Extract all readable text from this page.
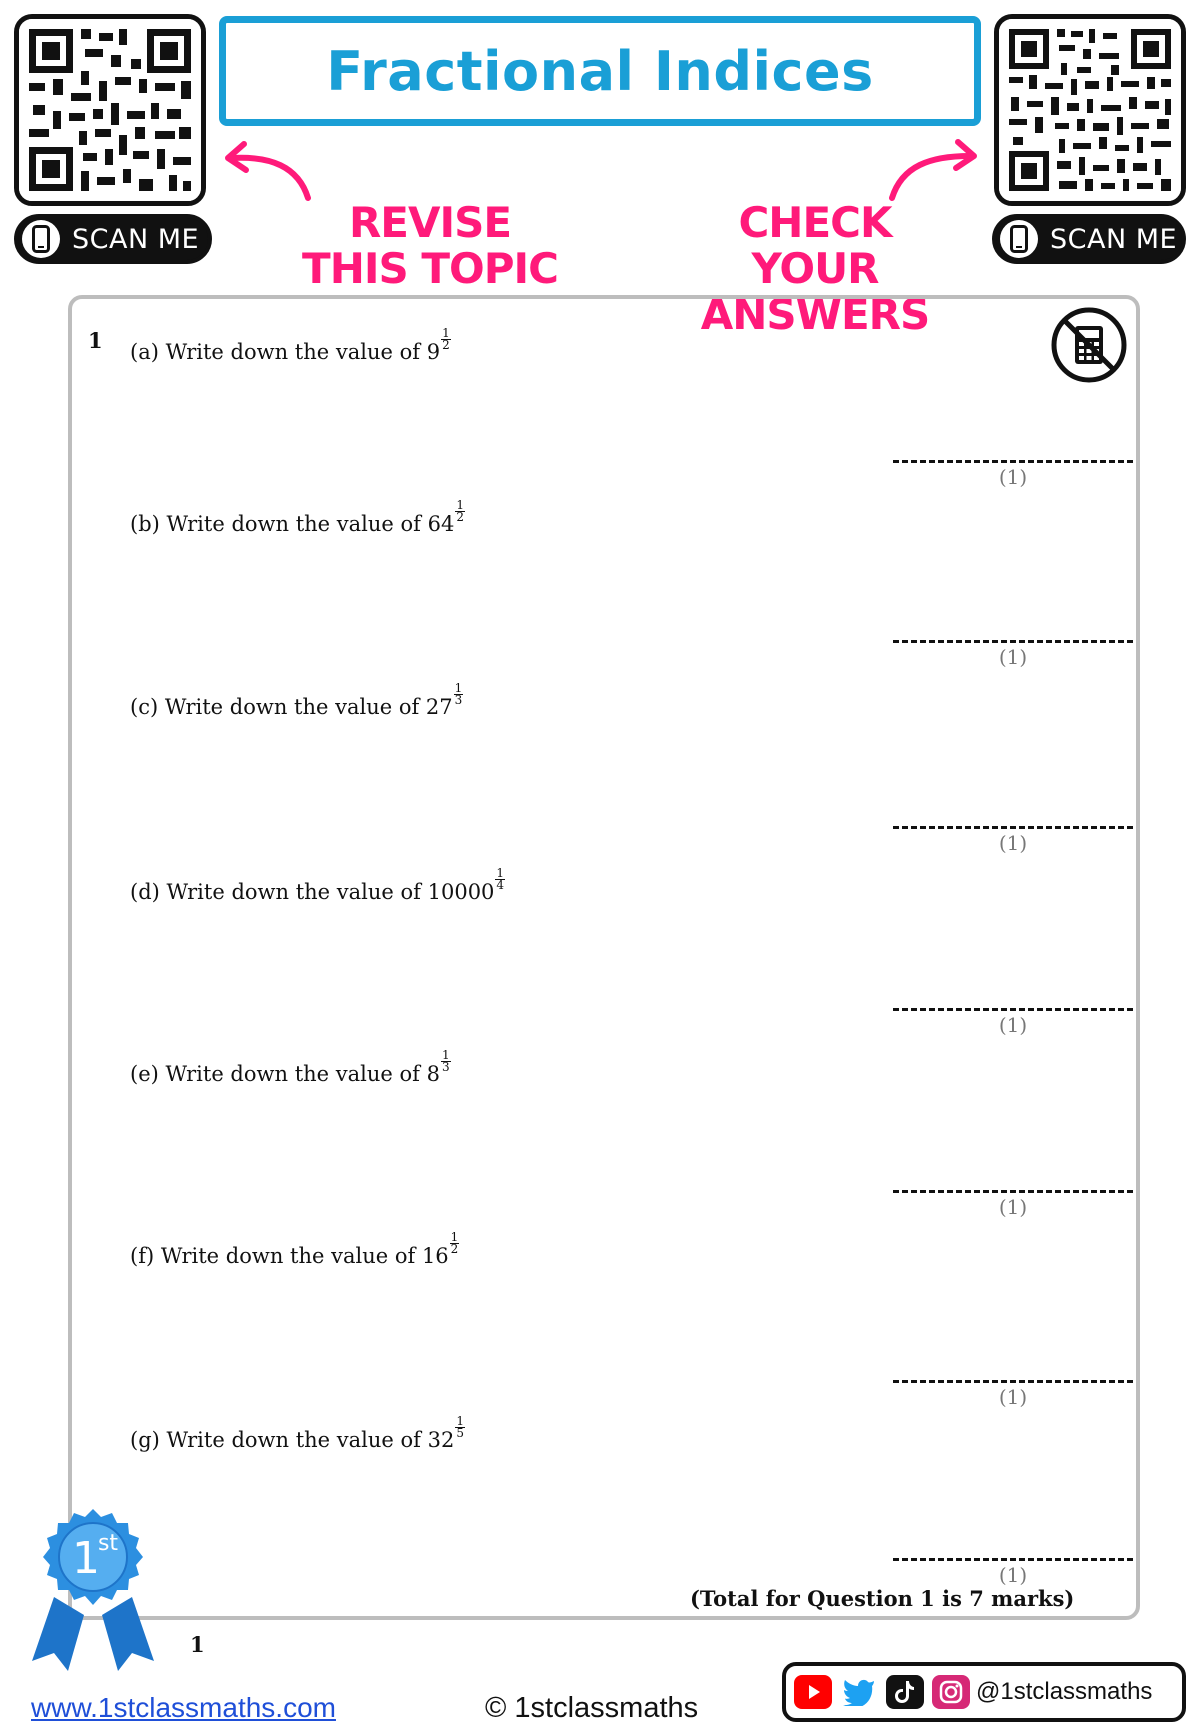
SCAN ME	SCAN ME
Fractional Indices
REVISE THIS TOPIC
CHECK YOUR ANSWERS
1 (a) Write down the value of 9
$^{\frac{1}{2}}$
(1)
(b) Write down the value of 64
$^{\frac{1}{2}}$
(1)
(c) Write down the value of 27
$^{\frac{1}{3}}$
(1)
(d) Write down the value of 10000
$^{\frac{1}{4}}$
(1)
(e) Write down the value of 8
$^{\frac{1}{3}}$
(1)
(f) Write down the value of 16
$^{\frac{1}{2}}$
(1)
(g) Write down the value of 32
$^{\frac{1}{5}}$
(1)
(Total for Question 1 is 7 marks)
1
st
1
www.1stclassmaths.com	© 1stclassmaths
@1stclassmaths
